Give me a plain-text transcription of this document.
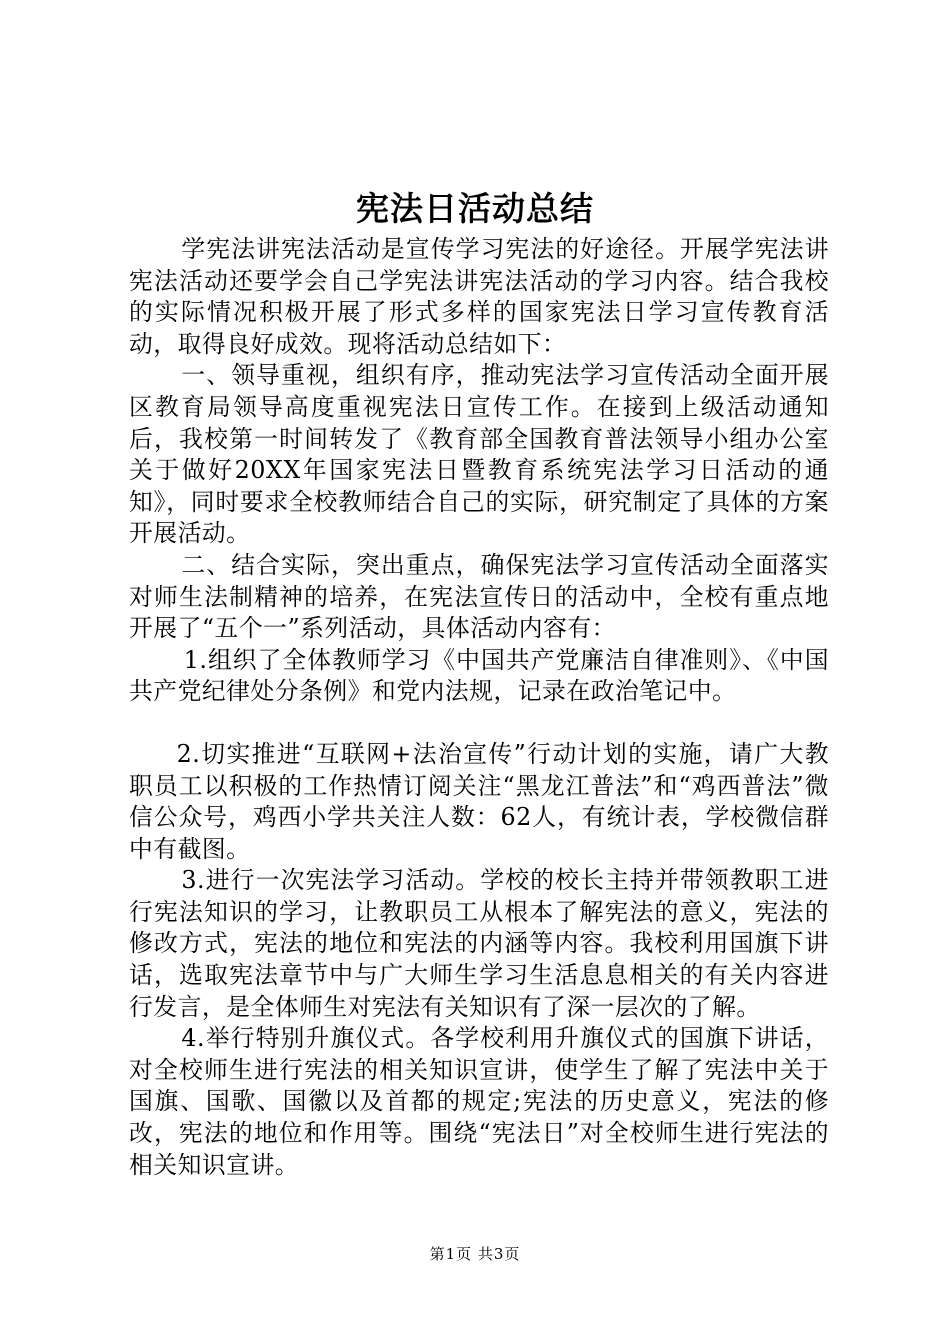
宪法日活动总结

学宪法讲宪法活动是宣传学习宪法的好途径。开展学宪法讲宪法活动还要学会自己学宪法讲宪法活动的学习内容。结合我校的实际情况积极开展了形式多样的国家宪法日学习宣传教育活动，取得良好成效。现将活动总结如下：

一、领导重视，组织有序，推动宪法学习宣传活动全面开展区教育局领导高度重视宪法日宣传工作。在接到上级活动通知后，我校第一时间转发了《教育部全国教育普法领导小组办公室关于做好20XX年国家宪法日暨教育系统宪法学习日活动的通知》，同时要求全校教师结合自己的实际，研究制定了具体的方案开展活动。

二、结合实际，突出重点，确保宪法学习宣传活动全面落实对师生法制精神的培养，在宪法宣传日的活动中，全校有重点地开展了“五个一”系列活动，具体活动内容有：

1.组织了全体教师学习《中国共产党廉洁自律准则》、《中国共产党纪律处分条例》和党内法规，记录在政治笔记中。

2.切实推进“互联网+法治宣传”行动计划的实施，请广大教职员工以积极的工作热情订阅关注“黑龙江普法”和“鸡西普法”微信公众号，鸡西小学共关注人数：62人，有统计表，学校微信群中有截图。

3.进行一次宪法学习活动。学校的校长主持并带领教职工进行宪法知识的学习，让教职员工从根本了解宪法的意义，宪法的修改方式，宪法的地位和宪法的内涵等内容。我校利用国旗下讲话，选取宪法章节中与广大师生学习生活息息相关的有关内容进行发言，是全体师生对宪法有关知识有了深一层次的了解。

4.举行特别升旗仪式。各学校利用升旗仪式的国旗下讲话，对全校师生进行宪法的相关知识宣讲，使学生了解了宪法中关于国旗、国歌、国徽以及首都的规定;宪法的历史意义，宪法的修改，宪法的地位和作用等。围绕“宪法日”对全校师生进行宪法的相关知识宣讲。

第1页 共3页
